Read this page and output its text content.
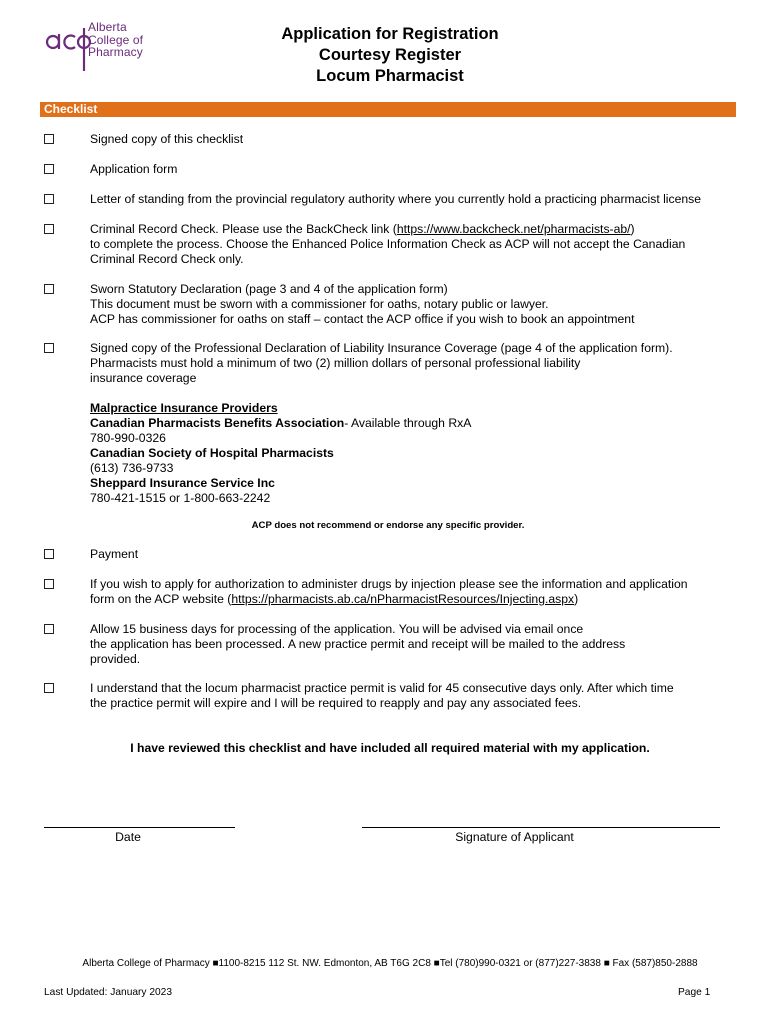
Alberta
College of
Pharmacy
Application for Registration
Courtesy Register
Locum Pharmacist
Checklist
Signed copy of this checklist
Application form
Letter of standing from the provincial regulatory authority where you currently hold a practicing pharmacist license
Criminal Record Check. Please use the BackCheck link (https://www.backcheck.net/pharmacists-ab/)
to complete the process. Choose the Enhanced Police Information Check as ACP will not accept the Canadian
Criminal Record Check only.
Sworn Statutory Declaration (page 3 and 4 of the application form)
This document must be sworn with a commissioner for oaths, notary public or lawyer.
ACP has commissioner for oaths on staff – contact the ACP office if you wish to book an appointment
Signed copy of the Professional Declaration of Liability Insurance Coverage (page 4 of the application form).
Pharmacists must hold a minimum of two (2) million dollars of personal professional liability
insurance coverage
Malpractice Insurance Providers
Canadian Pharmacists Benefits Association- Available through RxA
780-990-0326
Canadian Society of Hospital Pharmacists
(613) 736-9733
Sheppard Insurance Service Inc
780-421-1515 or 1-800-663-2242
ACP does not recommend or endorse any specific provider.
Payment
If you wish to apply for authorization to administer drugs by injection please see the information and application
form on the ACP website (https://pharmacists.ab.ca/nPharmacistResources/Injecting.aspx)
Allow 15 business days for processing of the application. You will be advised via email once
the application has been processed. A new practice permit and receipt will be mailed to the address
provided.
I understand that the locum pharmacist practice permit is valid for 45 consecutive days only. After which time
the practice permit will expire and I will be required to reapply and pay any associated fees.
I have reviewed this checklist and have included all required material with my application.
Date	Signature of Applicant
Alberta College of Pharmacy ■1100-8215 112 St. NW. Edmonton, AB T6G 2C8 ■Tel (780)990-0321 or (877)227-3838 ■ Fax (587)850-2888
Last Updated: January 2023	Page 1
